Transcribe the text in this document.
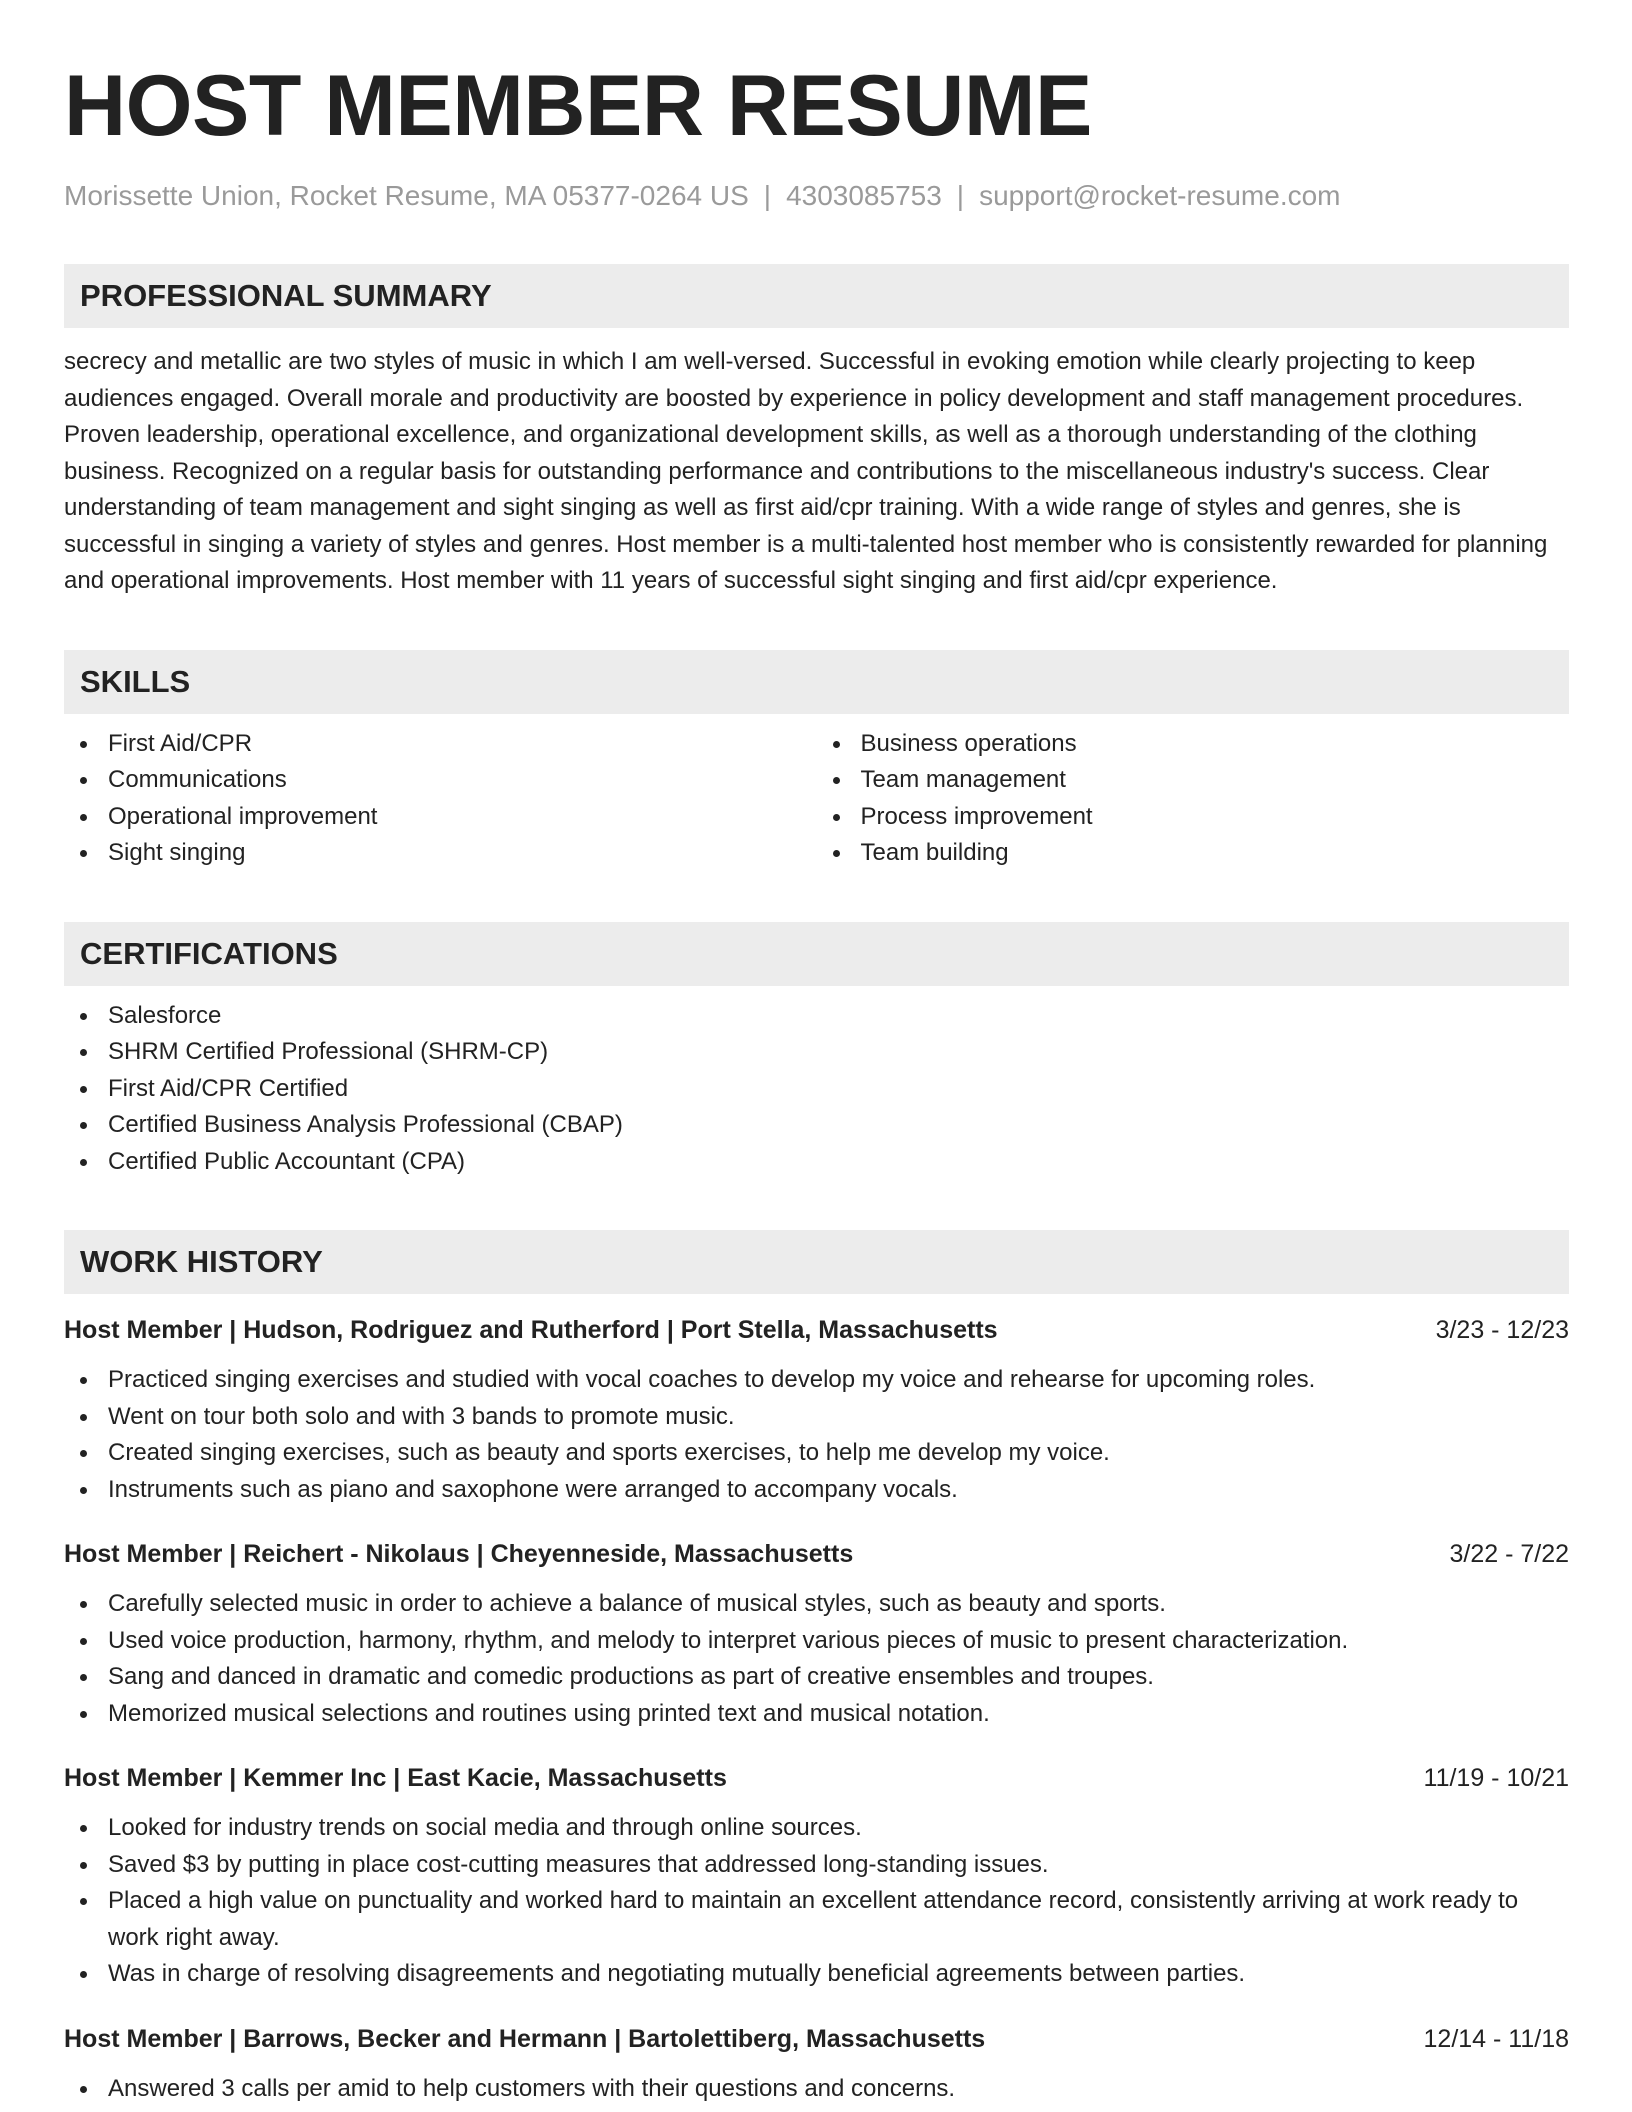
HOST MEMBER RESUME
Morissette Union, Rocket Resume, MA 05377-0264 US | 4303085753 | support@rocket-resume.com
PROFESSIONAL SUMMARY
secrecy and metallic are two styles of music in which I am well-versed. Successful in evoking emotion while clearly projecting to keep audiences engaged. Overall morale and productivity are boosted by experience in policy development and staff management procedures. Proven leadership, operational excellence, and organizational development skills, as well as a thorough understanding of the clothing business. Recognized on a regular basis for outstanding performance and contributions to the miscellaneous industry's success. Clear understanding of team management and sight singing as well as first aid/cpr training. With a wide range of styles and genres, she is successful in singing a variety of styles and genres. Host member is a multi-talented host member who is consistently rewarded for planning and operational improvements. Host member with 11 years of successful sight singing and first aid/cpr experience.
SKILLS
First Aid/CPR
Communications
Operational improvement
Sight singing
Business operations
Team management
Process improvement
Team building
CERTIFICATIONS
Salesforce
SHRM Certified Professional (SHRM-CP)
First Aid/CPR Certified
Certified Business Analysis Professional (CBAP)
Certified Public Accountant (CPA)
WORK HISTORY
Host Member | Hudson, Rodriguez and Rutherford | Port Stella, Massachusetts	3/23 - 12/23
Practiced singing exercises and studied with vocal coaches to develop my voice and rehearse for upcoming roles.
Went on tour both solo and with 3 bands to promote music.
Created singing exercises, such as beauty and sports exercises, to help me develop my voice.
Instruments such as piano and saxophone were arranged to accompany vocals.
Host Member | Reichert - Nikolaus | Cheyenneside, Massachusetts	3/22 - 7/22
Carefully selected music in order to achieve a balance of musical styles, such as beauty and sports.
Used voice production, harmony, rhythm, and melody to interpret various pieces of music to present characterization.
Sang and danced in dramatic and comedic productions as part of creative ensembles and troupes.
Memorized musical selections and routines using printed text and musical notation.
Host Member | Kemmer Inc | East Kacie, Massachusetts	11/19 - 10/21
Looked for industry trends on social media and through online sources.
Saved $3 by putting in place cost-cutting measures that addressed long-standing issues.
Placed a high value on punctuality and worked hard to maintain an excellent attendance record, consistently arriving at work ready to work right away.
Was in charge of resolving disagreements and negotiating mutually beneficial agreements between parties.
Host Member | Barrows, Becker and Hermann | Bartolettiberg, Massachusetts	12/14 - 11/18
Answered 3 calls per amid to help customers with their questions and concerns.
